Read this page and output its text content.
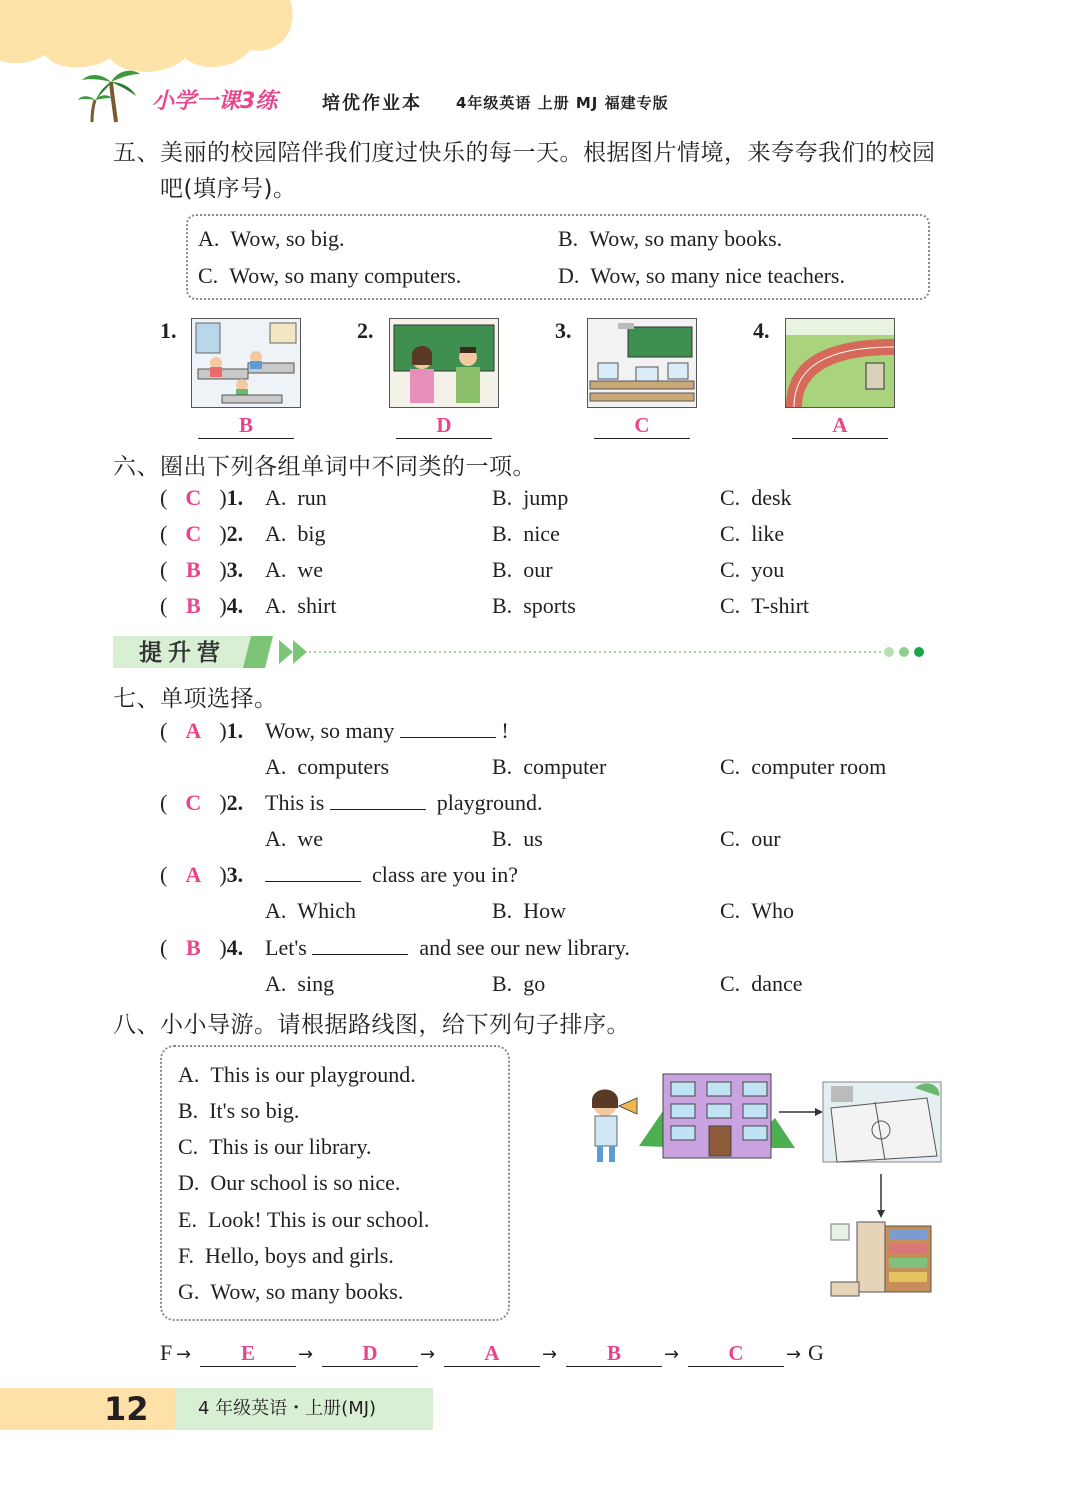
小学一课3练 培优作业本 4年级英语 上册 MJ 福建专版
五、美丽的校园陪伴我们度过快乐的每一天。根据图片情境，来夸夸我们的校园
吧(填序号)。
A. Wow, so big.	B. Wow, so many books.
C. Wow, so many computers.	D. Wow, so many nice teachers.
1.
B
2.
D
3.
C
4.
A
六、圈出下列各组单词中不同类的一项。
( C )1. A.  run	B.  jump	C.  desk
( C )2. A.  big	B.  nice	C.  like
( B )3. A.  we	B.  our	C.  you
( B )4. A.  shirt	B.  sports	C.  T-shirt
提升营
七、单项选择。
( A )1. Wow, so many	!
A.  computers	B.  computer	C.  computer room
( C )2. This is	playground.
A.  we	B.  us	C.  our
( A )3.	class are you in?
A.  Which	B.  How	C.  Who
( B )4. Let's	and see our new library.
A.  sing	B.  go	C.  dance
八、小小导游。请根据路线图，给下列句子排序。
A. This is our playground.
B. It's so big.
C. This is our library.
D. Our school is so nice.
E. Look! This is our school.
F. Hello, boys and girls.
G. Wow, so many books.
F →	E	→	D	→	A	→	B	→	C	→ G
12	4 年级英语・上册(MJ)
